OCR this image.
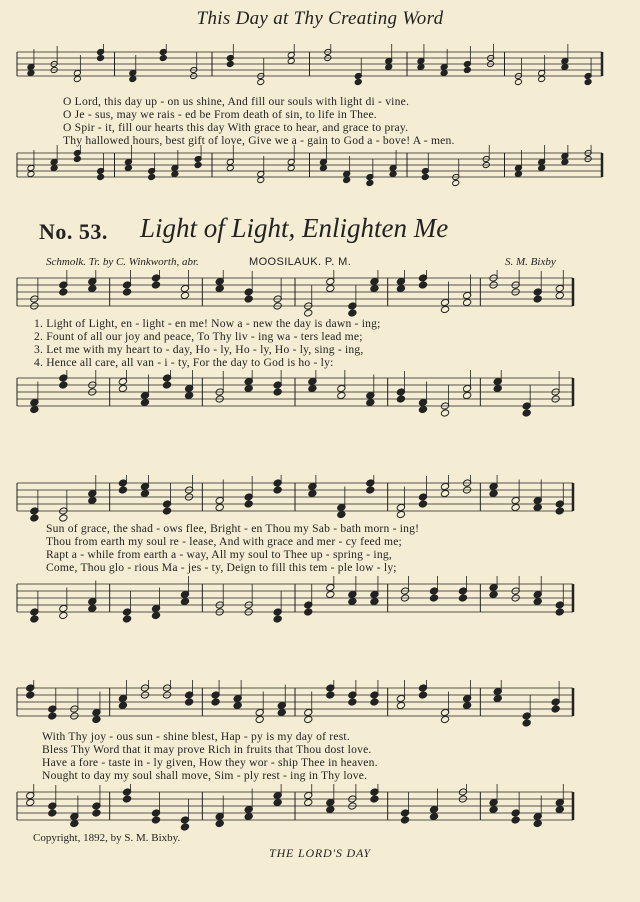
This Day at Thy Creating Word
O Lord, this day up - on us shine, And fill our souls with light di - vine.
O Je - sus, may we rais - ed be From death of sin, to life in Thee.
O Spir - it, fill our hearts this day With grace to hear, and grace to pray.
Thy hallowed hours, best gift of love, Give we a - gain to God a - bove! A - men.
No. 53. Light of Light, Enlighten Me
Schmolk. Tr. by C. Winkworth, abr.	MOOSILAUK. P. M.	S. M. Bixby
1. Light of Light, en - light - en me! Now a - new the day is dawn - ing;
2. Fount of all our joy and peace, To Thy liv - ing wa - ters lead me;
3. Let me with my heart to - day, Ho - ly, Ho - ly, Ho - ly, sing - ing,
4. Hence all care, all van - i - ty, For the day to God is ho - ly:
Sun of grace, the shad - ows flee, Bright - en Thou my Sab - bath morn - ing!
Thou from earth my soul re - lease, And with grace and mer - cy feed me;
Rapt a - while from earth a - way, All my soul to Thee up - spring - ing,
Come, Thou glo - rious Ma - jes - ty, Deign to fill this tem - ple low - ly;
With Thy joy - ous sun - shine blest, Hap - py is my day of rest.
Bless Thy Word that it may prove Rich in fruits that Thou dost love.
Have a fore - taste in - ly given, How they wor - ship Thee in heaven.
Nought to day my soul shall move, Sim - ply rest - ing in Thy love.
Copyright, 1892, by S. M. Bixby.
THE LORD'S DAY
